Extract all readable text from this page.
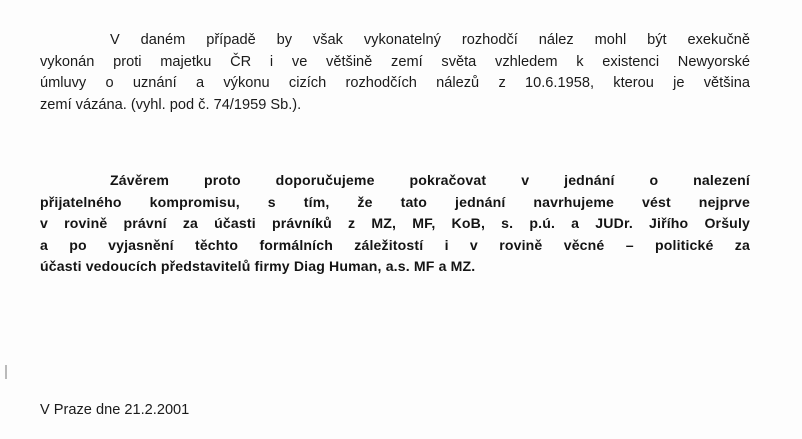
V daném případě by však vykonatelný rozhodčí nález mohl být exekučně
vykonán proti majetku ČR i ve většině zemí světa vzhledem k existenci Newyorské
úmluvy o uznání a výkonu cizích rozhodčích nálezů z 10.6.1958, kterou je většina
zemí vázána. (vyhl. pod č. 74/1959 Sb.).

Závěrem proto doporučujeme pokračovat v jednání o nalezení
přijatelného kompromisu, s tím, že tato jednání navrhujeme vést nejprve
v rovině právní za účasti právníků z MZ, MF, KoB, s. p.ú. a JUDr. Jiřího Oršuly
a po vyjasnění těchto formálních záležitostí i v rovině věcné – politické za
účasti vedoucích představitelů firmy Diag Human, a.s. MF a MZ.

V Praze dne 21.2.2001
